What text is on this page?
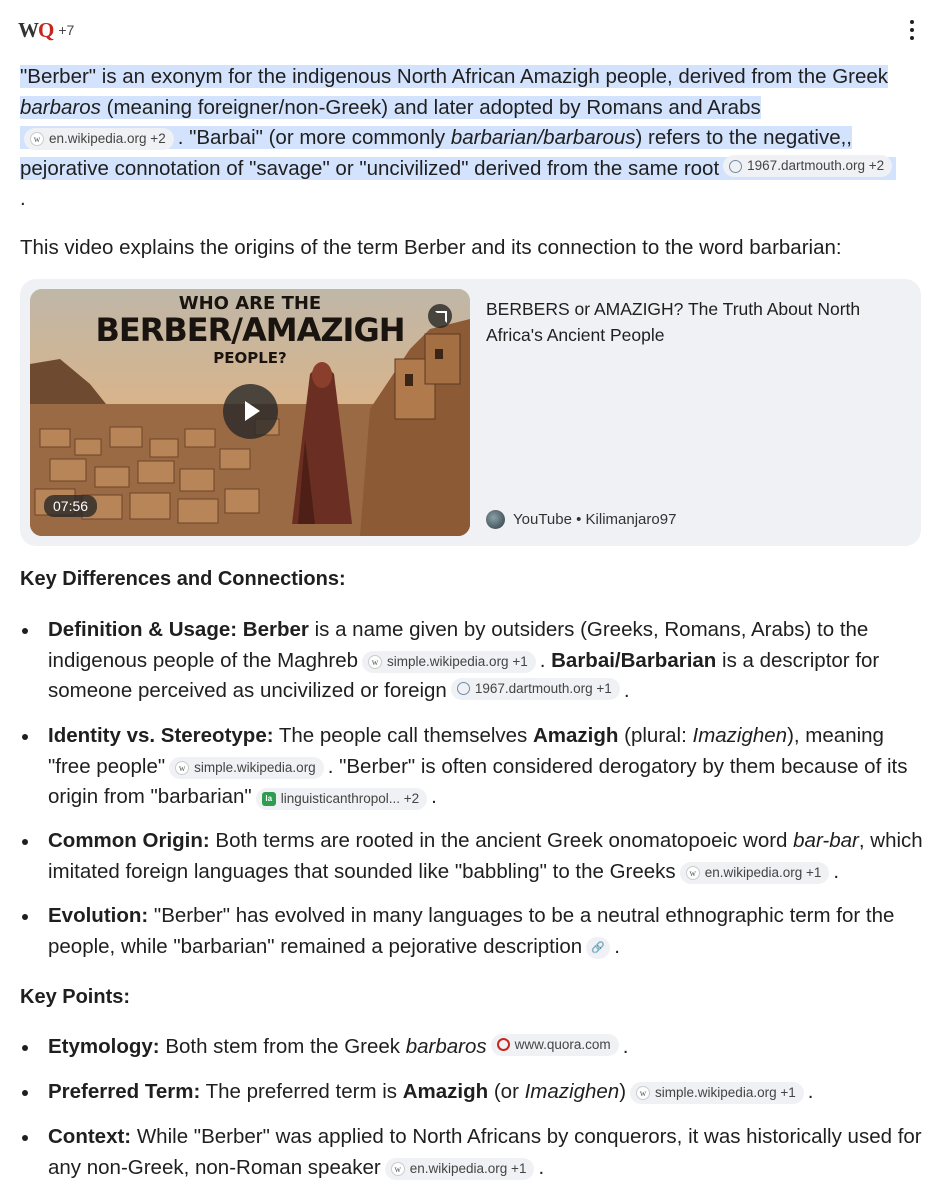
WQ +7
"Berber" is an exonym for the indigenous North African Amazigh people, derived from the Greek barbaros (meaning foreigner/non-Greek) and later adopted by Romans and Arabs
w en.wikipedia.org +2 . "Barbai" (or more commonly barbarian/barbarous) refers to the negative,, pejorative connotation of "savage" or "uncivilized" derived from the same root 1967.dartmouth.org +2
.
This video explains the origins of the term Berber and its connection to the word barbarian:
WHO ARE THE
BERBER/AMAZIGH
PEOPLE?
07:56
BERBERS or AMAZIGH? The Truth About North Africa's Ancient People
YouTube • Kilimanjaro97
Key Differences and Connections:
Definition & Usage: Berber is a name given by outsiders (Greeks, Romans, Arabs) to the indigenous people of the Maghreb	w simple.wikipedia.org +1 . Barbai/Barbarian is a descriptor for someone perceived as uncivilized or foreign 1967.dartmouth.org +1 .
Identity vs. Stereotype: The people call themselves Amazigh (plural: Imazighen), meaning "free people"	w simple.wikipedia.org . "Berber" is often considered derogatory by them because of its origin from "barbarian"	la linguisticanthropol... +2 .
Common Origin: Both terms are rooted in the ancient Greek onomatopoeic word bar-bar, which imitated foreign languages that sounded like "babbling" to the Greeks	w en.wikipedia.org +1 .
Evolution: "Berber" has evolved in many languages to be a neutral ethnographic term for the people, while "barbarian" remained a pejorative description 🔗 .
Key Points:
Etymology: Both stem from the Greek barbaros www.quora.com .
Preferred Term: The preferred term is Amazigh (or Imazighen)	w simple.wikipedia.org +1 .
Context: While "Berber" was applied to North Africans by conquerors, it was historically used for any non-Greek, non-Roman speaker	w en.wikipedia.org +1 .
